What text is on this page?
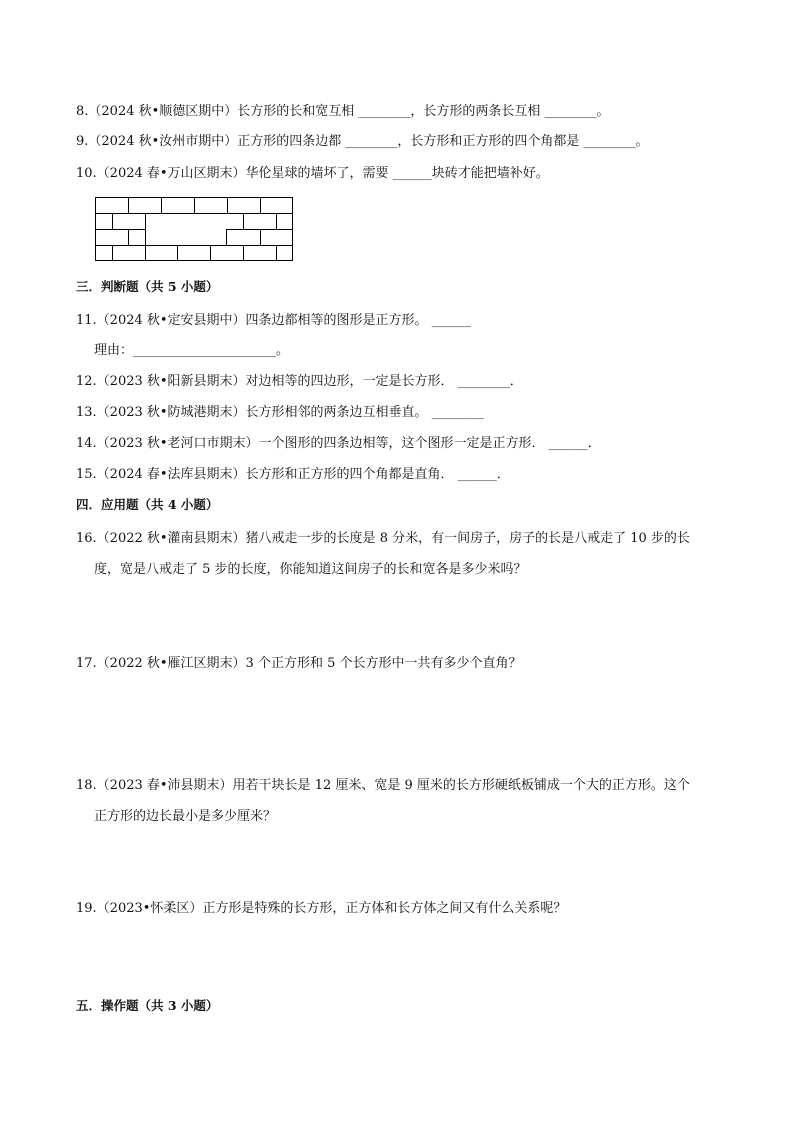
8.（2024 秋•顺德区期中）长方形的长和宽互相 ________，长方形的两条长互相 ________。
9.（2024 秋•汝州市期中）正方形的四条边都 ________，长方形和正方形的四个角都是 ________。
10.（2024 春•万山区期末）华伦星球的墙坏了，需要 ______块砖才能把墙补好。
三．判断题（共 5 小题）
11.（2024 秋•定安县期中）四条边都相等的图形是正方形。 ______
理由：______________________。
12.（2023 秋•阳新县期末）对边相等的四边形，一定是长方形． ________．
13.（2023 秋•防城港期末）长方形相邻的两条边互相垂直。 ________
14.（2023 秋•老河口市期末）一个图形的四条边相等，这个图形一定是正方形． ______．
15.（2024 春•法库县期末）长方形和正方形的四个角都是直角． ______．
四．应用题（共 4 小题）
16.（2022 秋•灌南县期末）猪八戒走一步的长度是 8 分米，有一间房子，房子的长是八戒走了 10 步的长
度，宽是八戒走了 5 步的长度，你能知道这间房子的长和宽各是多少米吗？
17.（2022 秋•雁江区期末）3 个正方形和 5 个长方形中一共有多少个直角？
18.（2023 春•沛县期末）用若干块长是 12 厘米、宽是 9 厘米的长方形硬纸板铺成一个大的正方形。这个
正方形的边长最小是多少厘米？
19.（2023•怀柔区）正方形是特殊的长方形，正方体和长方体之间又有什么关系呢？
五．操作题（共 3 小题）
